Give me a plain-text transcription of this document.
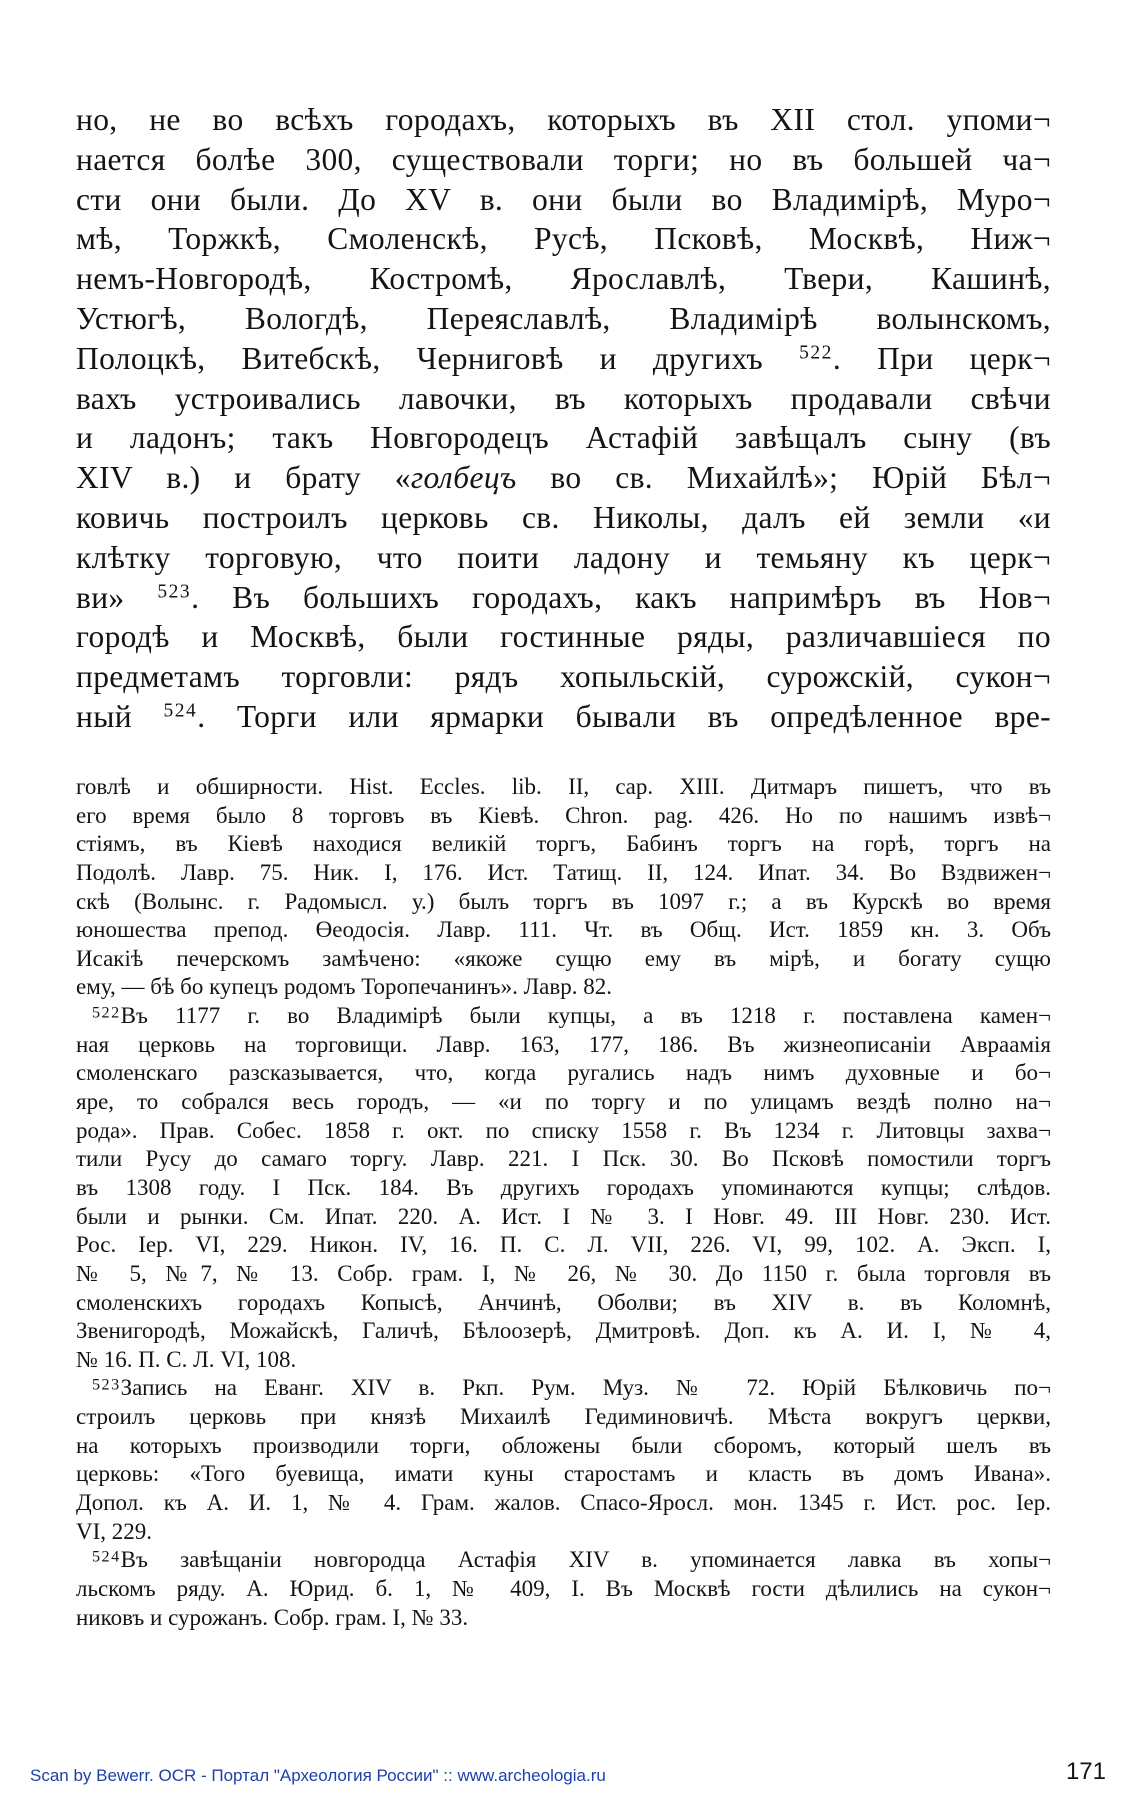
но, не во всѣхъ городахъ, которыхъ въ XII стол. упоми¬
нается болѣе 300, существовали торги; но въ большей ча¬
сти они были. До XV в. они были во Владимірѣ, Муро¬
мѣ, Торжкѣ, Смоленскѣ, Русѣ, Псковѣ, Москвѣ, Ниж¬
немъ-Новгородѣ, Костромѣ, Ярославлѣ, Твери, Кашинѣ,
Устюгѣ, Вологдѣ, Переяславлѣ, Владимірѣ волынскомъ,
Полоцкѣ, Витебскѣ, Черниговѣ и другихъ $^{522}$. При церк¬
вахъ устроивались лавочки, въ которыхъ продавали свѣчи
и ладонъ; такъ Новгородецъ Астафій завѣщалъ сыну (въ
XIV в.) и брату «голбецъ во св. Михайлѣ»; Юрій Бѣл¬
ковичь построилъ церковь св. Николы, далъ ей земли «и
клѣтку торговую, что поити ладону и темьяну къ церк¬
ви» $^{523}$. Въ большихъ городахъ, какъ напримѣръ въ Нов¬
городѣ и Москвѣ, были гостинные ряды, различавшіеся по
предметамъ торговли: рядъ хопыльскій, сурожскій, сукон¬
ный $^{524}$. Торги или ярмарки бывали въ опредѣленное вре-
говлѣ и обширности. Hist. Eccles. lib. II, cap. XIII. Дитмаръ пишетъ, что въ
его время было 8 торговъ въ Кіевѣ. Chron. pag. 426. Но по нашимъ извѣ¬
стіямъ, въ Кіевѣ находися великій торгъ, Бабинъ торгъ на горѣ, торгъ на
Подолѣ. Лавр. 75. Ник. I, 176. Ист. Татищ. II, 124. Ипат. 34. Во Вздвижен¬
скѣ (Волынс. г. Радомысл. у.) былъ торгъ въ 1097 г.; а въ Курскѣ во время
юношества препод. Өеодосія. Лавр. 111. Чт. въ Общ. Ист. 1859 кн. 3. Объ
Исакіѣ печерскомъ замѣчено: «якоже сущю ему въ мірѣ, и богату сущю
ему, — бѣ бо купецъ родомъ Торопечанинъ». Лавр. 82.
$^{522}$Въ 1177 г. во Владимірѣ были купцы, а въ 1218 г. поставлена камен¬
ная церковь на торговищи. Лавр. 163, 177, 186. Въ жизнеописаніи Авраамія
смоленскаго разсказывается, что, когда ругались надъ нимъ духовные и бо¬
яре, то собрался весь городъ, — «и по торгу и по улицамъ вездѣ полно на¬
рода». Прав. Собес. 1858 г. окт. по списку 1558 г. Въ 1234 г. Литовцы захва¬
тили Русу до самаго торгу. Лавр. 221. I Пск. 30. Во Псковѣ помостили торгъ
въ 1308 году. I Пск. 184. Въ другихъ городахъ упоминаются купцы; слѣдов.
были и рынки. См. Ипат. 220. А. Ист. I № 3. I Новг. 49. III Новг. 230. Ист.
Рос. Iер. VI, 229. Никон. IV, 16. П. С. Л. VII, 226. VI, 99, 102. А. Эксп. I,
№ 5, №7, № 13. Собр. грам. I, № 26, № 30. До 1150 г. была торговля въ
смоленскихъ городахъ Копысѣ, Анчинѣ, Оболви; въ XIV в. въ Коломнѣ,
Звенигородѣ, Можайскѣ, Галичѣ, Бѣлоозерѣ, Дмитровѣ. Доп. къ А. И. I, № 4,
№ 16. П. С. Л. VI, 108.
$^{523}$Запись на Еванг. XIV в. Ркп. Рум. Муз. № 72. Юрій Бѣлковичь по¬
строилъ церковь при князѣ Михаилѣ Гедиминовичѣ. Мѣста вокругъ церкви,
на которыхъ производили торги, обложены были сборомъ, который шелъ въ
церковь: «Того буевища, имати куны старостамъ и класть въ домъ Ивана».
Допол. къ А. И. 1, № 4. Грам. жалов. Спасо-Яросл. мон. 1345 г. Ист. рос. Iер.
VI, 229.
$^{524}$Въ завѣщаніи новгородца Астафія XIV в. упоминается лавка въ хопы¬
льскомъ ряду. А. Юрид. б. 1, № 409, I. Въ Москвѣ гости дѣлились на сукон¬
никовъ и сурожанъ. Собр. грам. I, № 33.
Scan by Bewerr. OCR - Портал "Археология России" :: www.archeologia.ru	171
